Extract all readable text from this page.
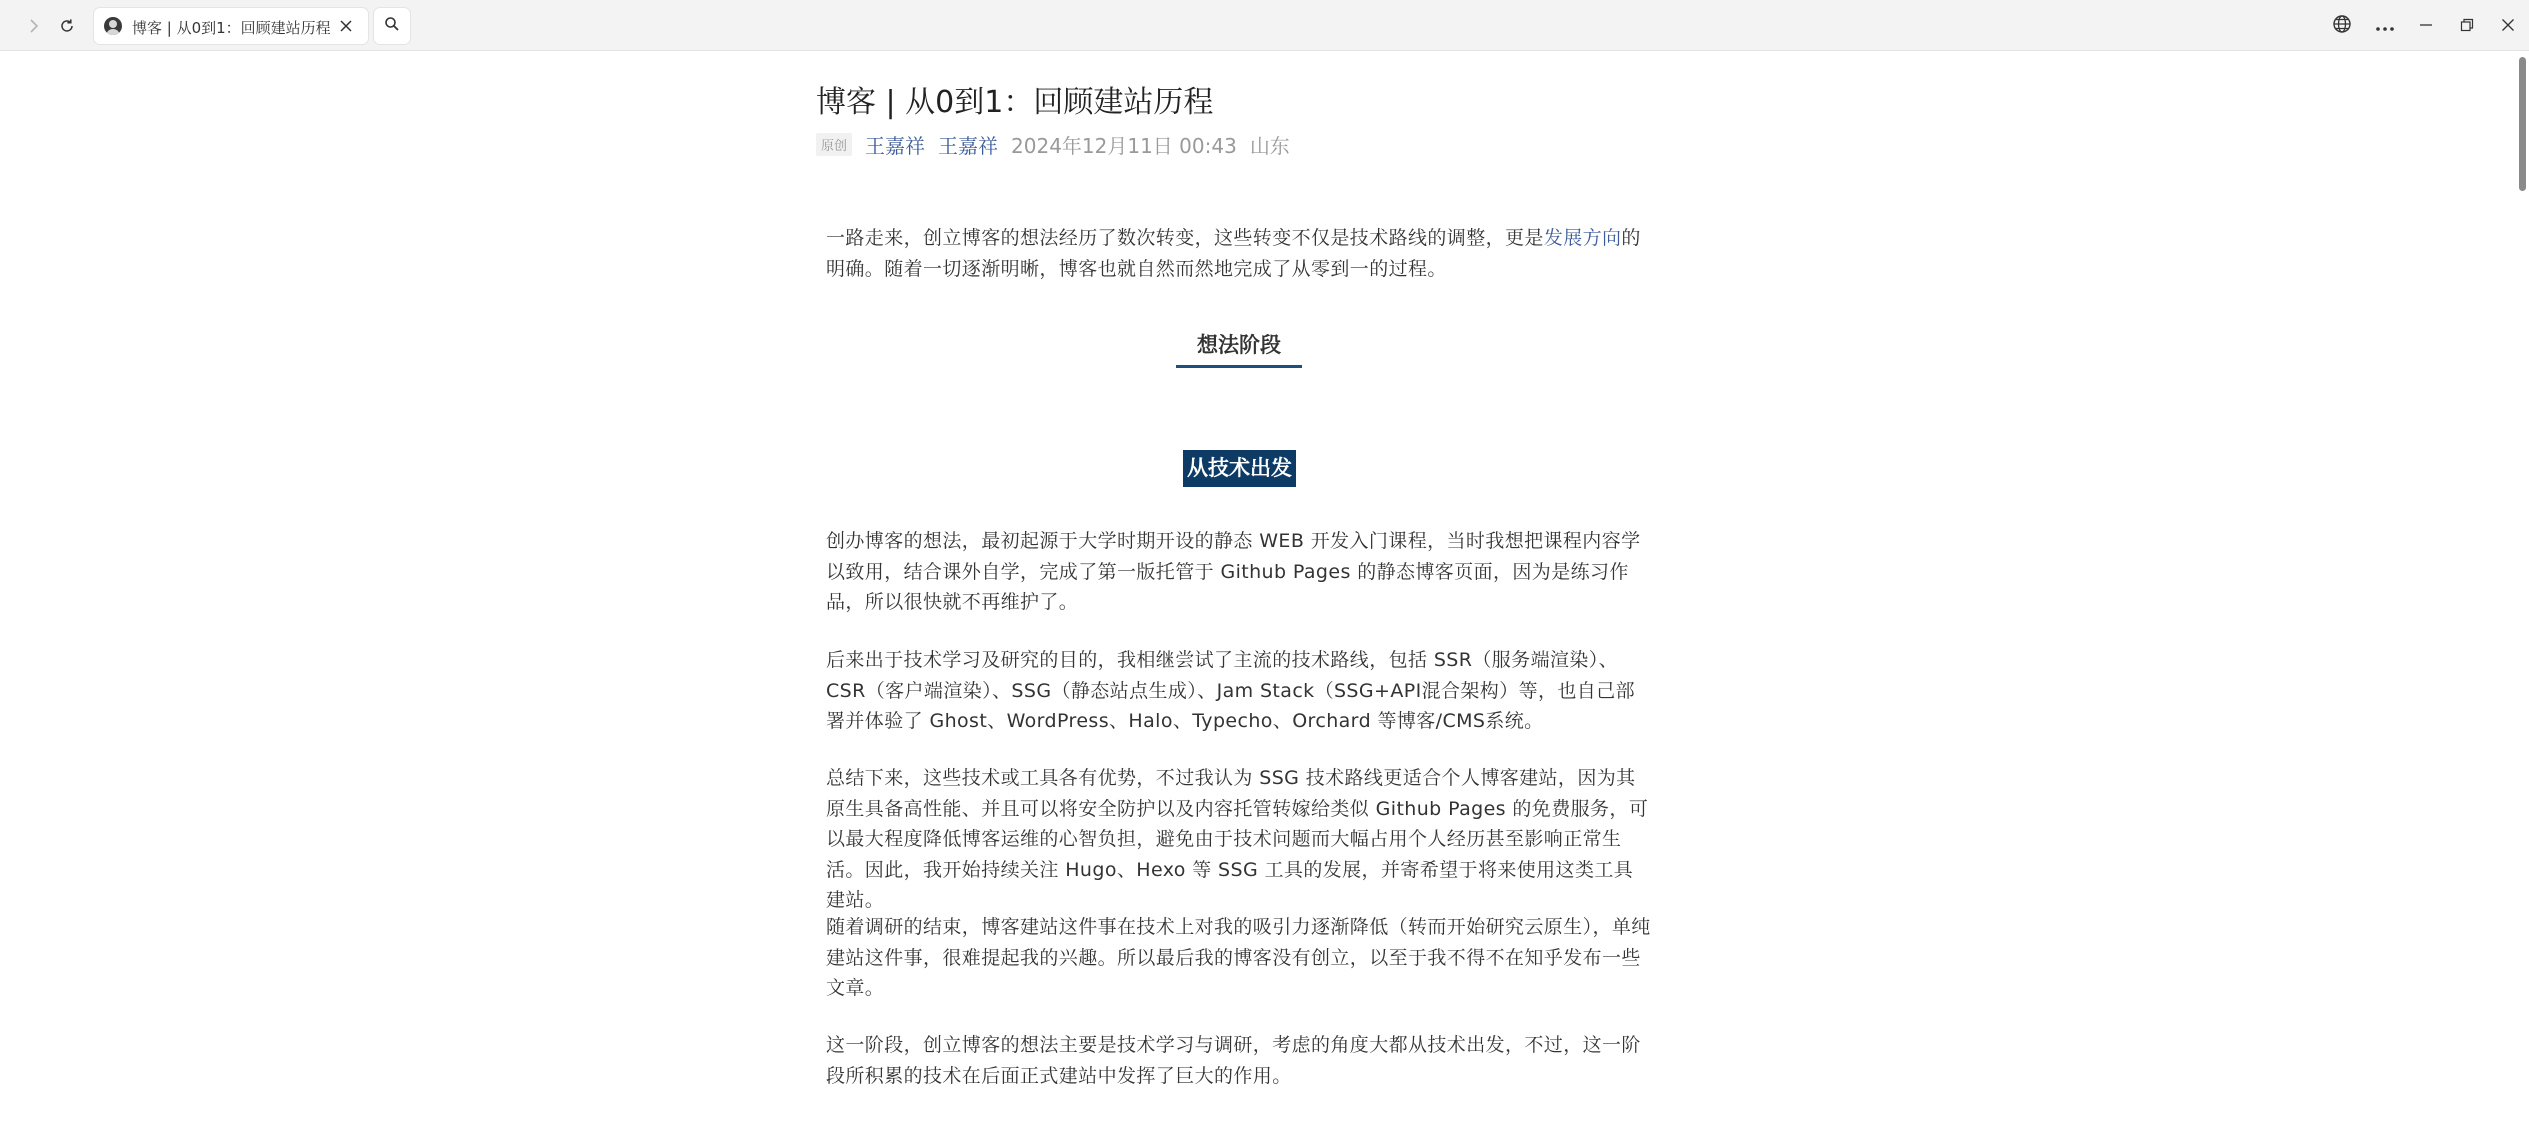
博客 | 从0到1：回顾建站历程
博客 | 从0到1：回顾建站历程
原创 王嘉祥 王嘉祥 2024年12月11日 00:43 山东

一路走来，创立博客的想法经历了数次转变，这些转变不仅是技术路线的调整，更是发展方向的明确。随着一切逐渐明晰，博客也就自然而然地完成了从零到一的过程。

想法阶段
从技术出发

创办博客的想法，最初起源于大学时期开设的静态 WEB 开发入门课程，当时我想把课程内容学以致用，结合课外自学，完成了第一版托管于 Github Pages 的静态博客页面，因为是练习作品，所以很快就不再维护了。

后来出于技术学习及研究的目的，我相继尝试了主流的技术路线，包括 SSR（服务端渲染）、CSR（客户端渲染）、SSG（静态站点生成）、Jam Stack（SSG+API混合架构）等，也自己部署并体验了 Ghost、WordPress、Halo、Typecho、Orchard 等博客/CMS系统。

总结下来，这些技术或工具各有优势，不过我认为 SSG 技术路线更适合个人博客建站，因为其原生具备高性能、并且可以将安全防护以及内容托管转嫁给类似 Github Pages 的免费服务，可以最大程度降低博客运维的心智负担，避免由于技术问题而大幅占用个人经历甚至影响正常生活。因此，我开始持续关注 Hugo、Hexo 等 SSG 工具的发展，并寄希望于将来使用这类工具建站。

随着调研的结束，博客建站这件事在技术上对我的吸引力逐渐降低（转而开始研究云原生），单纯建站这件事，很难提起我的兴趣。所以最后我的博客没有创立，以至于我不得不在知乎发布一些文章。

这一阶段，创立博客的想法主要是技术学习与调研，考虑的角度大都从技术出发，不过，这一阶段所积累的技术在后面正式建站中发挥了巨大的作用。
